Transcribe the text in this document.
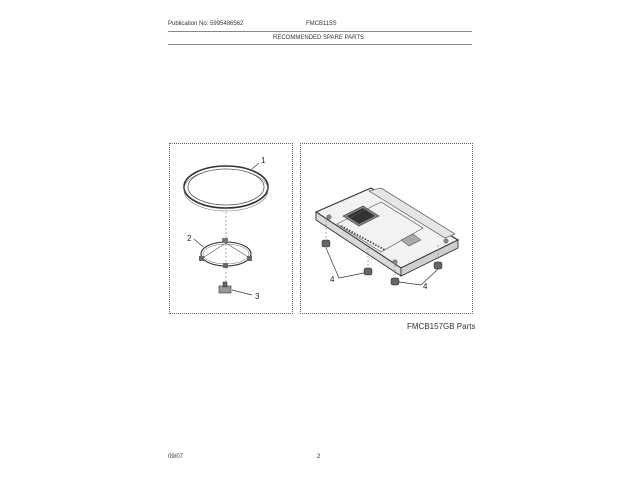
Publication No: 5995486562	FMCB115S
RECOMMENDED SPARE PARTS
1
2
3
4
4
FMCB157GB Parts
09/07	2
